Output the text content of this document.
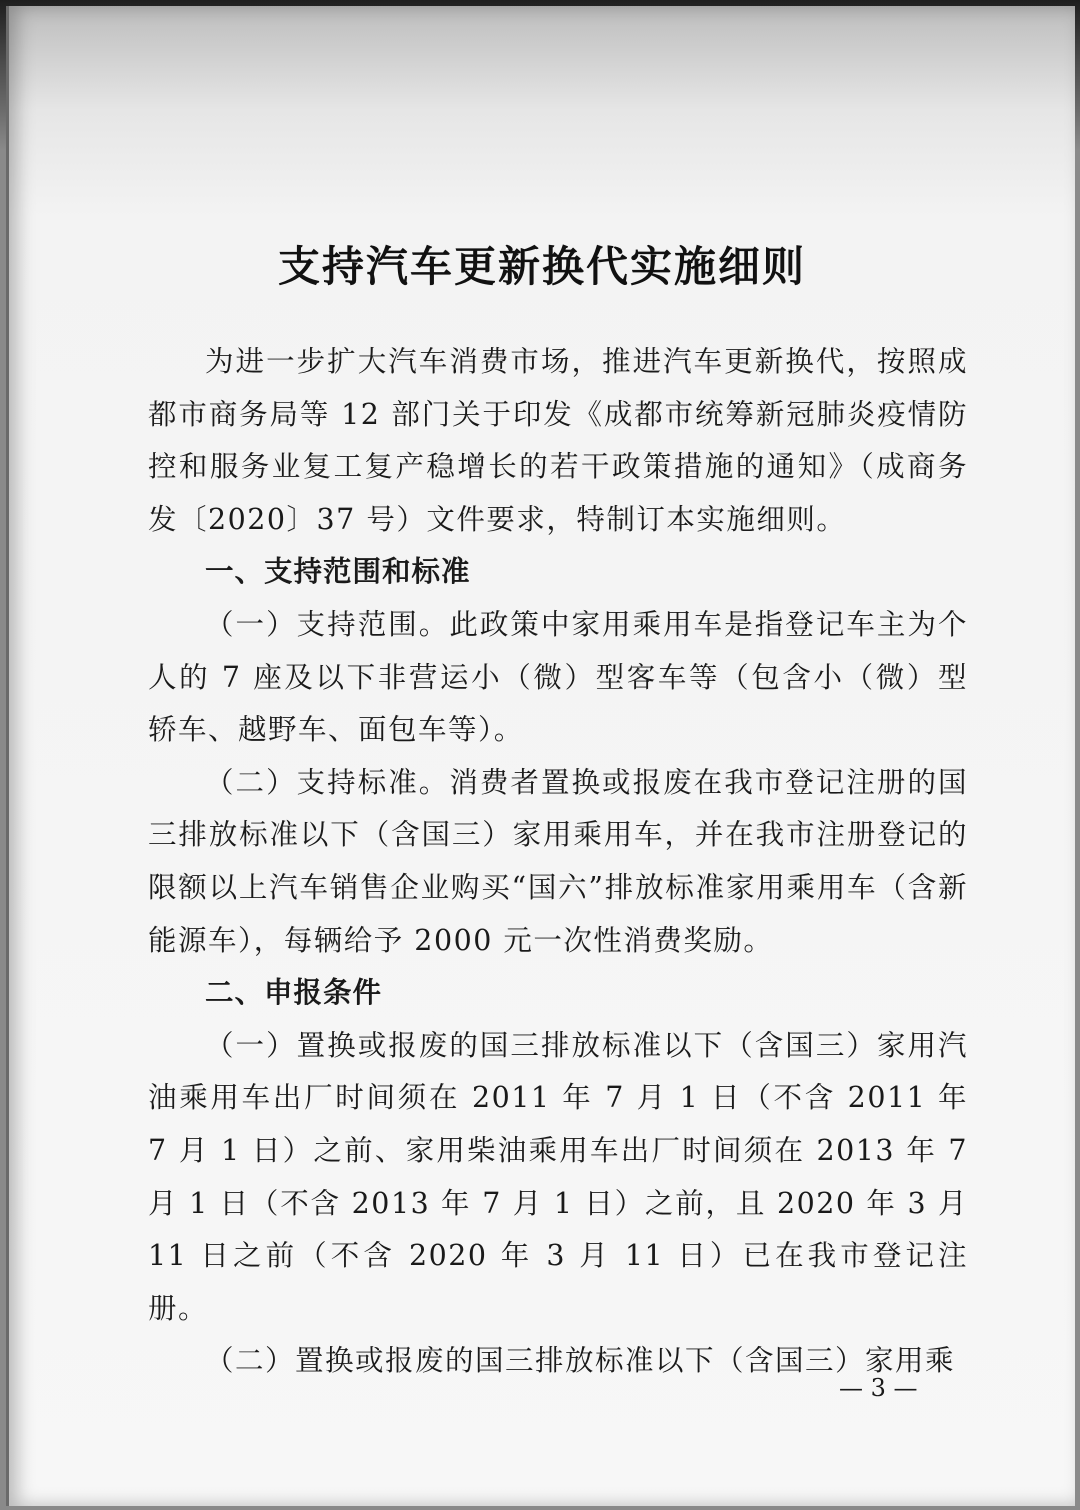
支持汽车更新换代实施细则

为进一步扩大汽车消费市场，推进汽车更新换代，按照成都市商务局等 12 部门关于印发《成都市统筹新冠肺炎疫情防控和服务业复工复产稳增长的若干政策措施的通知》（成商务发〔2020〕37 号）文件要求，特制订本实施细则。

一、支持范围和标准

（一）支持范围。此政策中家用乘用车是指登记车主为个人的 7 座及以下非营运小（微）型客车等（包含小（微）型轿车、越野车、面包车等）。

（二）支持标准。消费者置换或报废在我市登记注册的国三排放标准以下（含国三）家用乘用车，并在我市注册登记的限额以上汽车销售企业购买“国六”排放标准家用乘用车（含新能源车），每辆给予 2000 元一次性消费奖励。

二、申报条件

（一）置换或报废的国三排放标准以下（含国三）家用汽油乘用车出厂时间须在 2011 年 7 月 1 日（不含 2011 年 7 月 1 日）之前、家用柴油乘用车出厂时间须在 2013 年 7 月 1 日（不含 2013 年 7 月 1 日）之前，且 2020 年 3 月 11 日之前（不含 2020 年 3 月 11 日）已在我市登记注册。

（二）置换或报废的国三排放标准以下（含国三）家用乘

— 3 —
